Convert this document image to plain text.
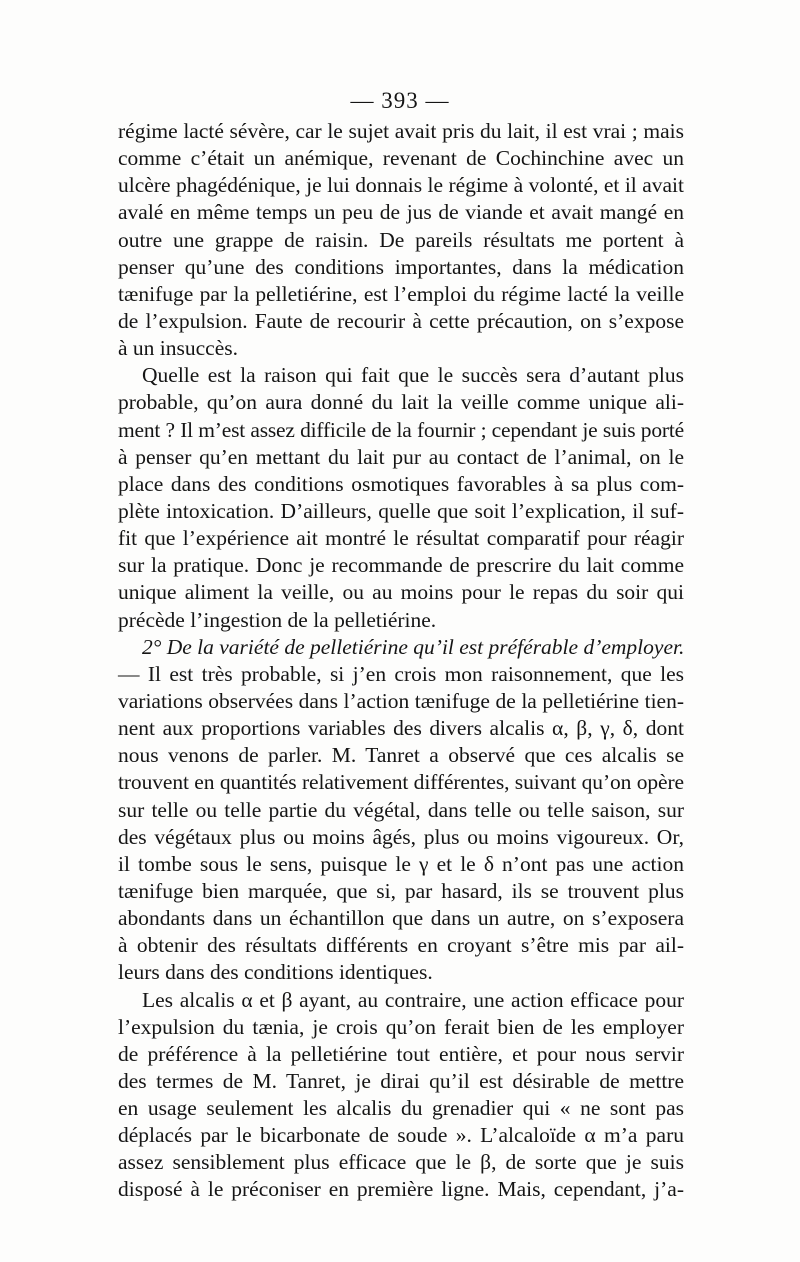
— 393 —
régime lacté sévère, car le sujet avait pris du lait, il est vrai ; mais
comme c’était un anémique, revenant de Cochinchine avec un
ulcère phagédénique, je lui donnais le régime à volonté, et il avait
avalé en même temps un peu de jus de viande et avait mangé en
outre une grappe de raisin. De pareils résultats me portent à
penser qu’une des conditions importantes, dans la médication
tænifuge par la pelletiérine, est l’emploi du régime lacté la veille
de l’expulsion. Faute de recourir à cette précaution, on s’expose
à un insuccès.
Quelle est la raison qui fait que le succès sera d’autant plus
probable, qu’on aura donné du lait la veille comme unique ali-
ment ? Il m’est assez difficile de la fournir ; cependant je suis porté
à penser qu’en mettant du lait pur au contact de l’animal, on le
place dans des conditions osmotiques favorables à sa plus com-
plète intoxication. D’ailleurs, quelle que soit l’explication, il suf-
fit que l’expérience ait montré le résultat comparatif pour réagir
sur la pratique. Donc je recommande de prescrire du lait comme
unique aliment la veille, ou au moins pour le repas du soir qui
précède l’ingestion de la pelletiérine.
2° De la variété de pelletiérine qu’il est préférable d’employer.
— Il est très probable, si j’en crois mon raisonnement, que les
variations observées dans l’action tænifuge de la pelletiérine tien-
nent aux proportions variables des divers alcalis α, β, γ, δ, dont
nous venons de parler. M. Tanret a observé que ces alcalis se
trouvent en quantités relativement différentes, suivant qu’on opère
sur telle ou telle partie du végétal, dans telle ou telle saison, sur
des végétaux plus ou moins âgés, plus ou moins vigoureux. Or,
il tombe sous le sens, puisque le γ et le δ n’ont pas une action
tænifuge bien marquée, que si, par hasard, ils se trouvent plus
abondants dans un échantillon que dans un autre, on s’exposera
à obtenir des résultats différents en croyant s’être mis par ail-
leurs dans des conditions identiques.
Les alcalis α et β ayant, au contraire, une action efficace pour
l’expulsion du tænia, je crois qu’on ferait bien de les employer
de préférence à la pelletiérine tout entière, et pour nous servir
des termes de M. Tanret, je dirai qu’il est désirable de mettre
en usage seulement les alcalis du grenadier qui « ne sont pas
déplacés par le bicarbonate de soude ». L’alcaloïde α m’a paru
assez sensiblement plus efficace que le β, de sorte que je suis
disposé à le préconiser en première ligne. Mais, cependant, j’a-
